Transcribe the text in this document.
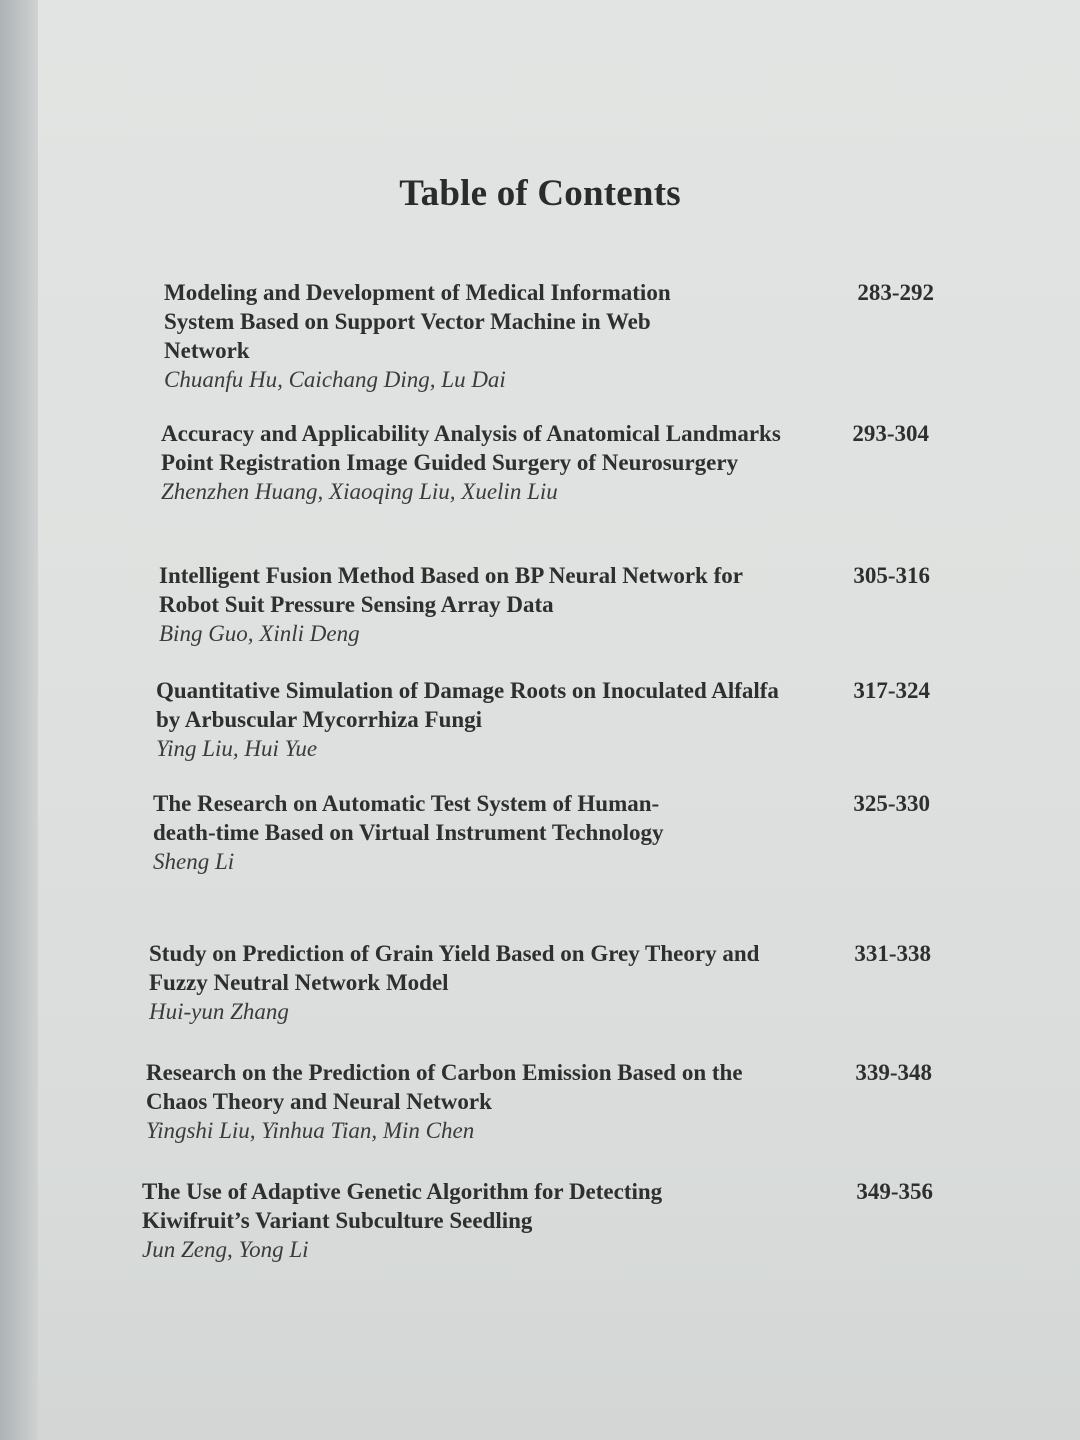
Table of Contents
Modeling and Development of Medical Information System Based on Support Vector Machine in Web Network
Chuanfu Hu, Caichang Ding, Lu Dai
283-292
Accuracy and Applicability Analysis of Anatomical Landmarks Point Registration Image Guided Surgery of Neurosurgery
Zhenzhen Huang, Xiaoqing Liu, Xuelin Liu
293-304
Intelligent Fusion Method Based on BP Neural Network for Robot Suit Pressure Sensing Array Data
Bing Guo, Xinli Deng
305-316
Quantitative Simulation of Damage Roots on Inoculated Alfalfa by Arbuscular Mycorrhiza Fungi
Ying Liu, Hui Yue
317-324
The Research on Automatic Test System of Human-death-time Based on Virtual Instrument Technology
Sheng Li
325-330
Study on Prediction of Grain Yield Based on Grey Theory and Fuzzy Neutral Network Model
Hui-yun Zhang
331-338
Research on the Prediction of Carbon Emission Based on the Chaos Theory and Neural Network
Yingshi Liu, Yinhua Tian, Min Chen
339-348
The Use of Adaptive Genetic Algorithm for Detecting Kiwifruit’s Variant Subculture Seedling
Jun Zeng, Yong Li
349-356
